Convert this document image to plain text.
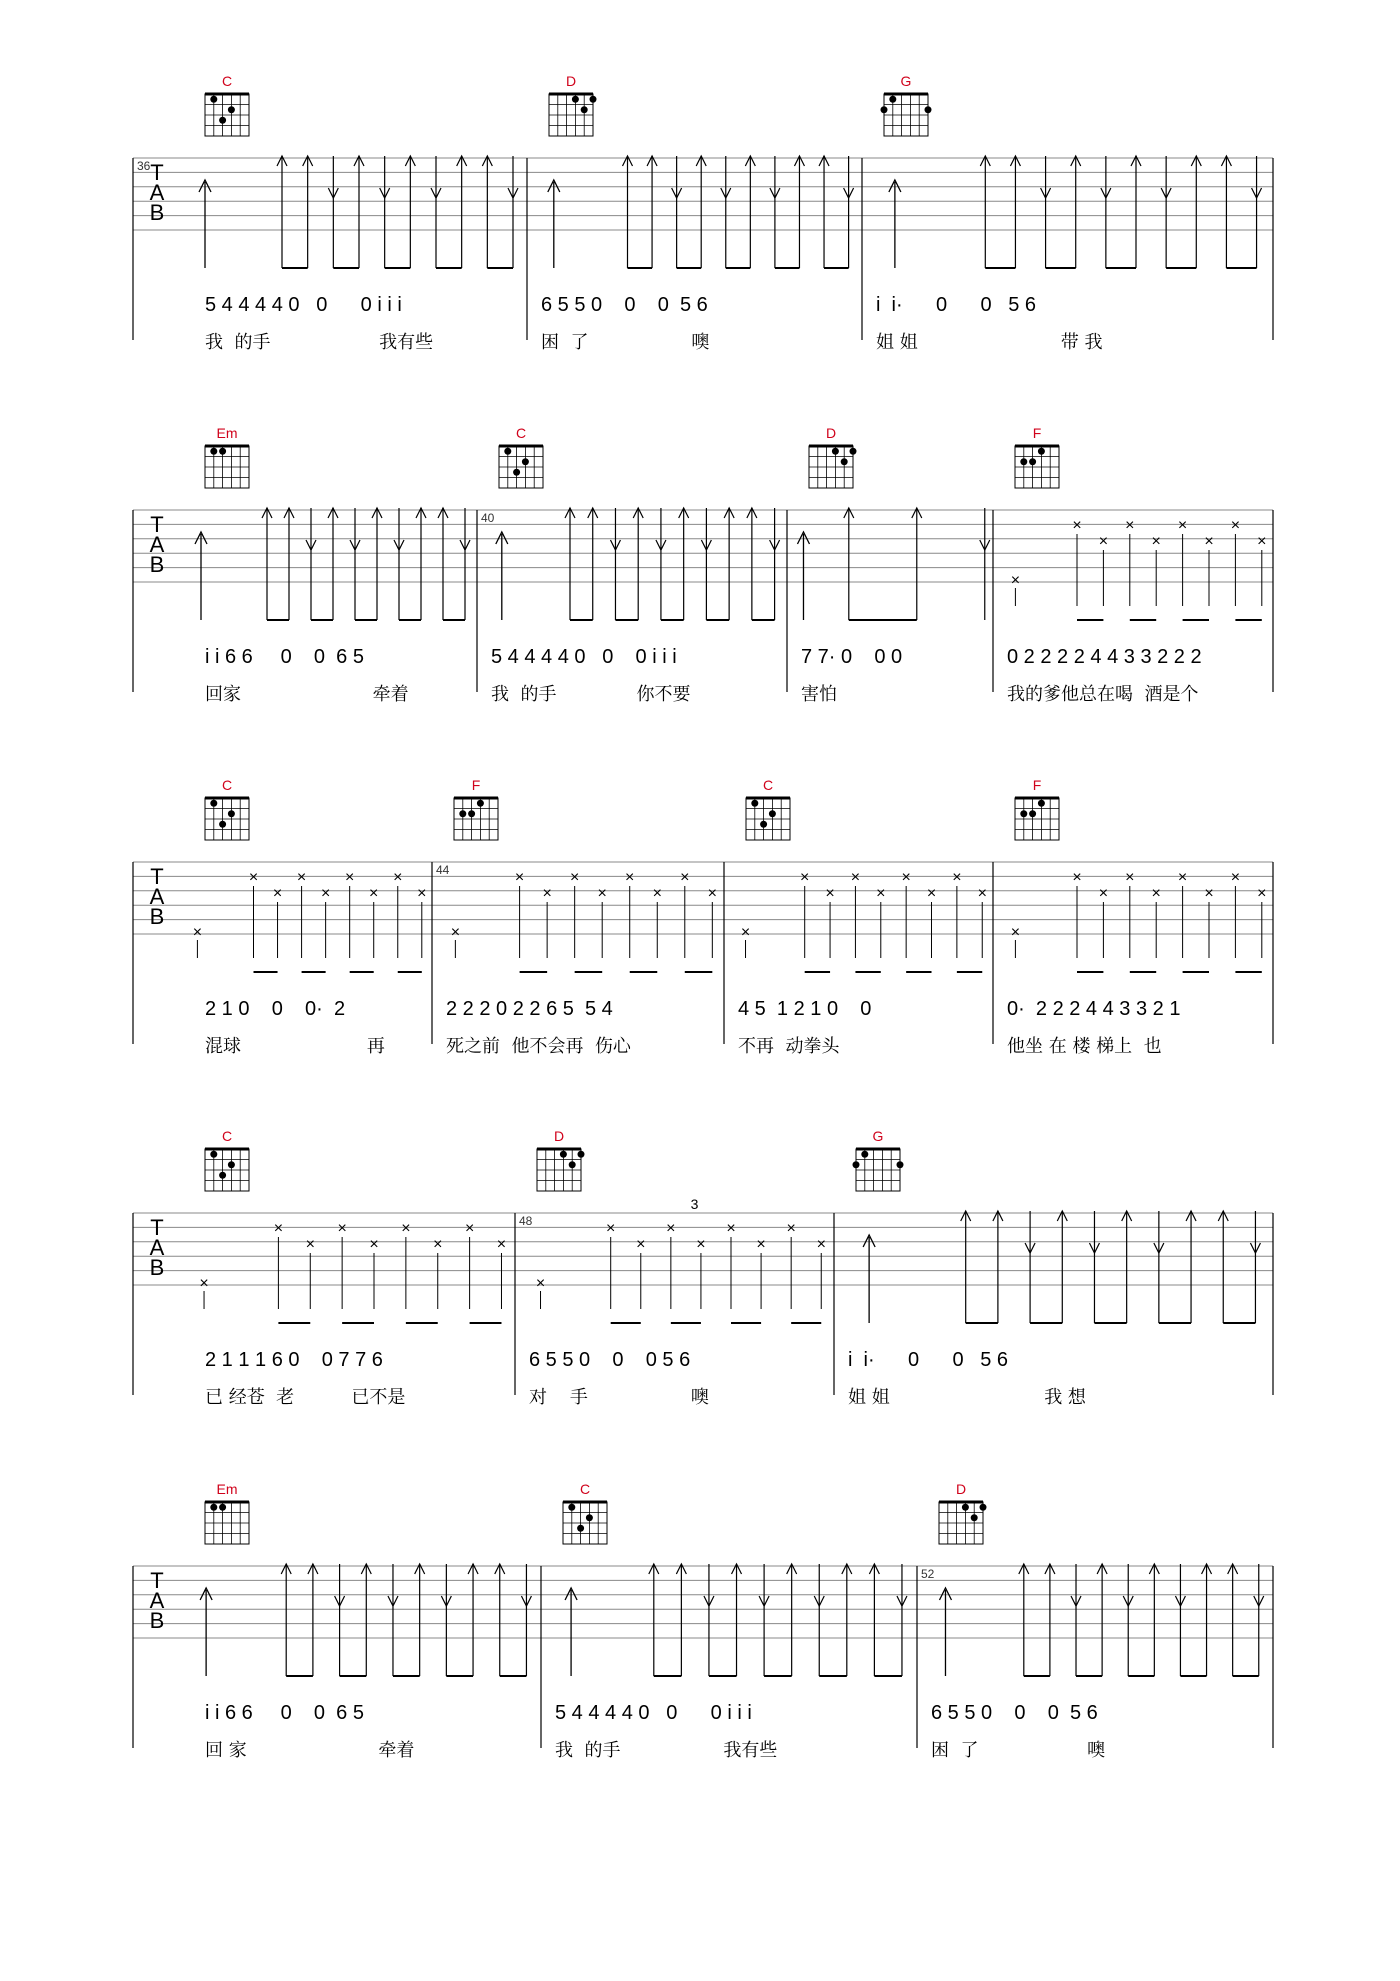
T
A
B
36
5 4 4 4 4 0   0      0 i i i
我  的手                   我有些
6 5 5 0    0    0  5 6
困  了                  噢
i  i·      0      0   5 6
姐 姐                         带 我
C	D	G
T
A
B
i i 6 6     0    0  6 5
回家                       牵着
40
5 4 4 4 4 0   0    0 i i i
我  的手              你不要
7 7· 0    0 0
害怕
0 2 2 2 2 4 4 3 3 2 2 2
我的爹他总在喝  酒是个
Em	C	D	F
×
×
×
×
×
×
×
×
×
T
A
B
2 1 0    0    0·  2
混球                      再
44
2 2 2 0 2 2 6 5  5 4
死之前  他不会再  伤心
4 5  1 2 1 0    0
不再  动拳头
0·  2 2 2 4 4 3 3 2 1
他坐 在 楼 梯上  也
C
×
×
×
×
×
×
×
×
×
F
×
×
×
×
×
×
×
×
×
C
×
×
×
×
×
×
×
×
×
F
×
×
×
×
×
×
×
×
×
T
A
B
2 1 1 1 6 0    0 7 7 6
已 经苍  老          已不是
48
3
6 5 5 0    0    0 5 6
对    手                  噢
i  i·      0      0   5 6
姐 姐                           我 想
C
×
×
×
×
×
×
×
×
×
D
×
×
×
×
×
×
×
×
×
G
T
A
B
i i 6 6     0    0  6 5
回 家                       牵着
5 4 4 4 4 0   0      0 i i i
我  的手                  我有些
52
6 5 5 0    0    0  5 6
困  了                   噢
Em	C	D
